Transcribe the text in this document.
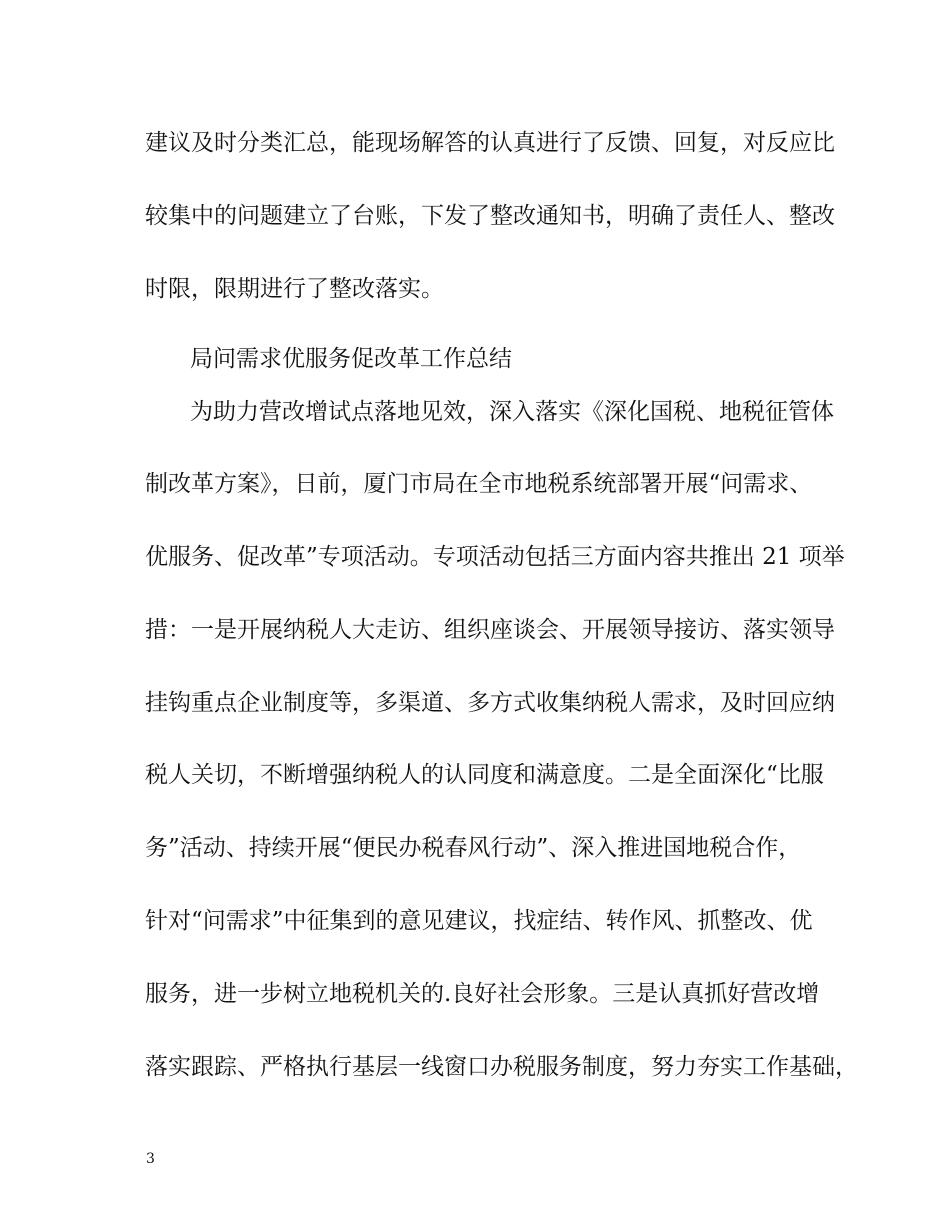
建议及时分类汇总，能现场解答的认真进行了反馈、回复，对反应比

较集中的问题建立了台账，下发了整改通知书，明确了责任人、整改

时限，限期进行了整改落实。

局问需求优服务促改革工作总结

为助力营改增试点落地见效，深入落实《深化国税、地税征管体

制改革方案》，日前，厦门市局在全市地税系统部署开展“问需求、

优服务、促改革”专项活动。专项活动包括三方面内容共推出 21 项举

措：一是开展纳税人大走访、组织座谈会、开展领导接访、落实领导

挂钩重点企业制度等，多渠道、多方式收集纳税人需求，及时回应纳

税人关切，不断增强纳税人的认同度和满意度。二是全面深化“比服

务”活动、持续开展“便民办税春风行动”、深入推进国地税合作，

针对“问需求”中征集到的意见建议，找症结、转作风、抓整改、优

服务，进一步树立地税机关的.良好社会形象。三是认真抓好营改增

落实跟踪、严格执行基层一线窗口办税服务制度，努力夯实工作基础，

3
